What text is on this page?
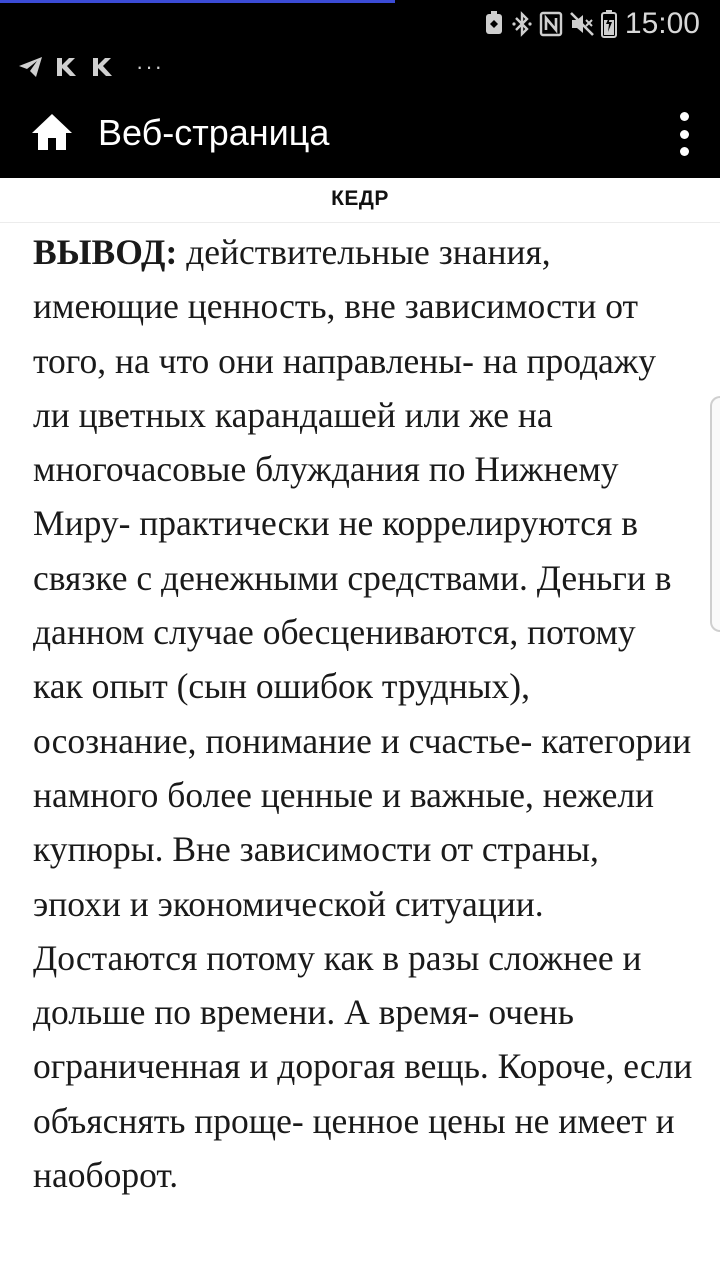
15:00
···
Веб-страница
КЕДР

ВЫВОД: действительные знания, имеющие ценность, вне зависимости от того, на что они направлены- на продажу ли цветных карандашей или же на многочасовые блуждания по Нижнему Миру- практически не коррелируются в связке с денежными средствами. Деньги в данном случае обесцениваются, потому как опыт (сын ошибок трудных), осознание, понимание и счастье- категории намного более ценные и важные, нежели купюры. Вне зависимости от страны, эпохи и экономической ситуации. Достаются потому как в разы сложнее и дольше по времени. А время- очень ограниченная и дорогая вещь. Короче, если объяснять проще- ценное цены не имеет и наоборот.
